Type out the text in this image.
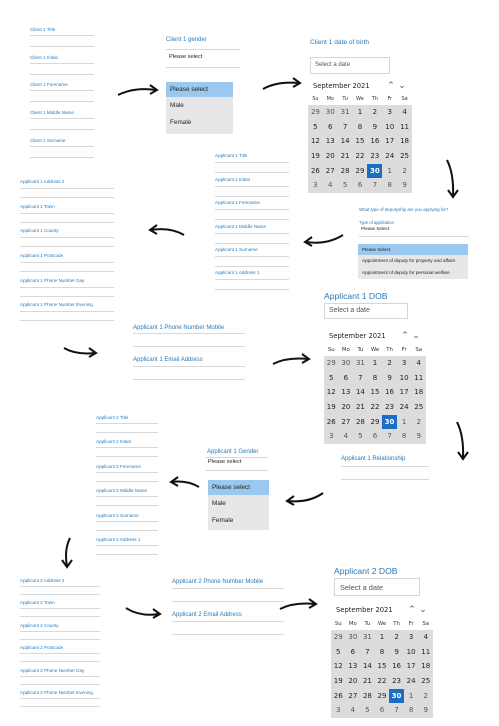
Client 1 Title
Client 1 Initial
Client 1 Forename
Client 1 Middle Name
Client 1 Surname
Client 1 gender
Please select
Please select
Male
Female
Client 1 date of birth
Select a date
September 2021	⌃ ⌄
Su	Mo	Tu	We	Th	Fr	Sa
29 30 31	1	2	3	4
5	6	7	8	9	10 11
12 13 14 15 16 17 18
19 20 21 22 23 24 25
26 27 28 29 30	1	2
3	4	5	6	7	8	9
Applicant 1 Title
Applicant 1 Initial
Applicant 1 Forename
Applicant 1 Middle Name
Applicant 1 Surname
Applicant 1 Address 1
Applicant 1 Address 2
Applicant 1 Town
Applicant 1 County
Applicant 1 Postcode
Applicant 1 Phone Number Day
Applicant 1 Phone Number Evening
What type of deputyship are you applying for?
Type of application
Please Select
Please Select
Appointment of deputy for property and affairs
Appointment of deputy for personal welfare
Applicant 1 DOB
Select a date
September 2021	⌃ ⌄
Su	Mo	Tu	We	Th	Fr	Sa
29 30 31	1	2	3	4
5	6	7	8	9	10 11
12 13 14 15 16 17 18
19 20 21 22 23 24 25
26 27 28 29 30	1	2
3	4	5	6	7	8	9
Applicant 1 Phone Number Mobile
Applicant 1 Email Address
Applicant 2 Title
Applicant 2 Initial
Applicant 2 Forename
Applicant 2 Middle Name
Applicant 2 Surname
Applicant 2 Address 1
Applicant 1 Gender
Please select
Please select
Male
Female
Applicant 1 Relationship
Applicant 2 Address 2
Applicant 2 Town
Applicant 2 County
Applicant 2 Postcode
Applicant 2 Phone Number Day
Applicant 2 Phone Number Evening
Applicant 2 Phone Number Mobile
Applicant 2 Email Address
Applicant 2 DOB
Select a date
September 2021	⌃ ⌄
Su	Mo	Tu	We	Th	Fr	Sa
29 30 31	1	2	3	4
5	6	7	8	9	10 11
12 13 14 15 16 17 18
19 20 21 22 23 24 25
26 27 28 29 30	1	2
3	4	5	6	7	8	9
